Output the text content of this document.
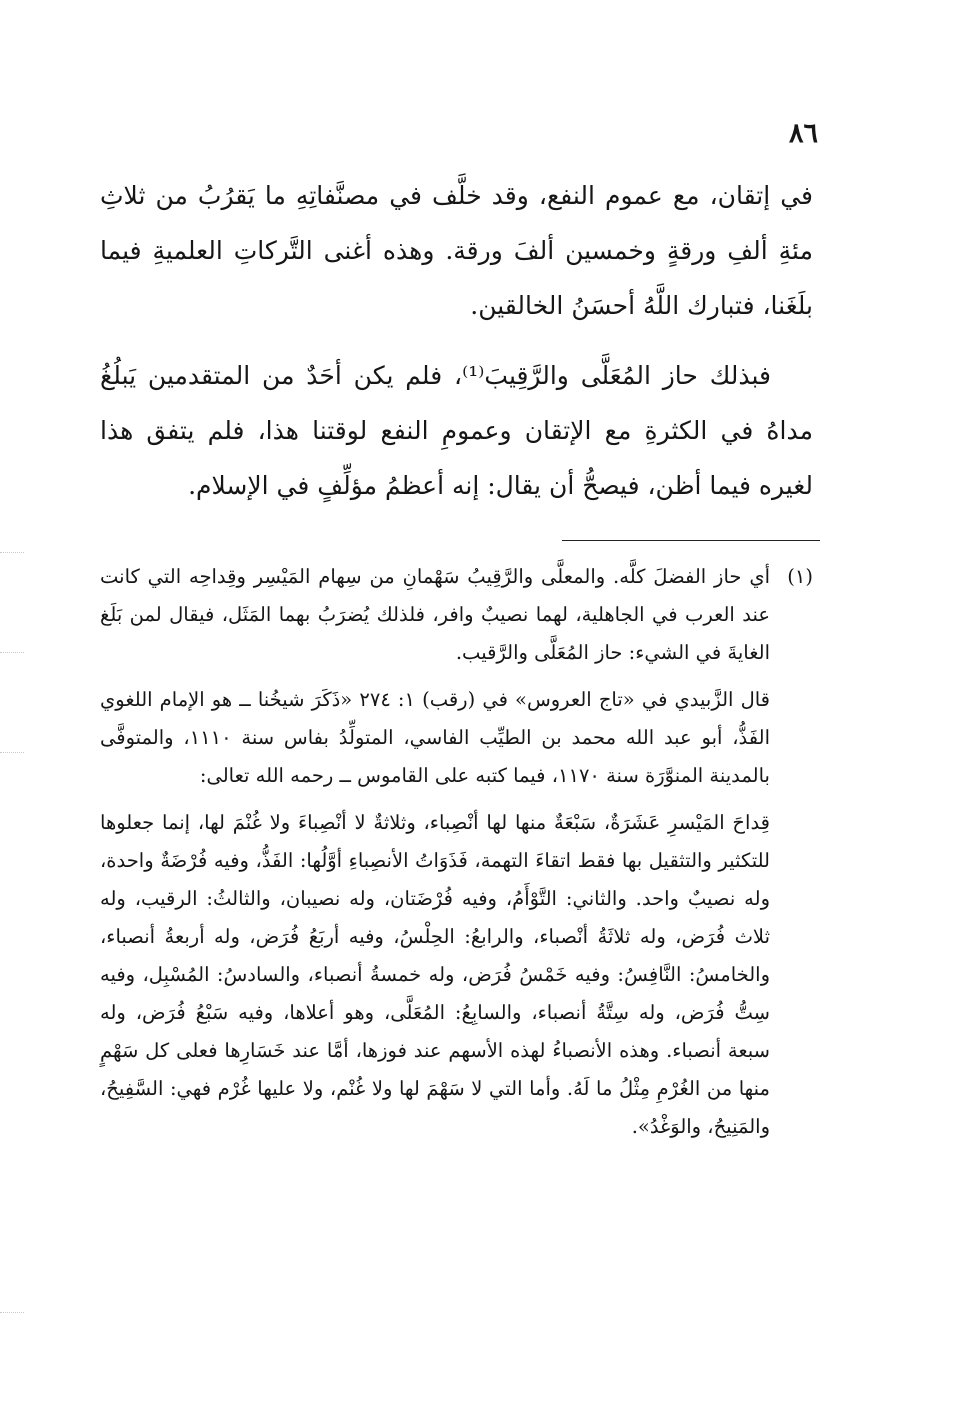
٨٦

في إتقان، مع عموم النفع، وقد خلَّف في مصنَّفاتِهِ ما يَقرُبُ من ثلاثِ مئةِ ألفِ ورقةٍ وخمسين ألفَ ورقة. وهذه أغنى التَّركاتِ العلميةِ فيما بلَغَنا، فتبارك اللَّهُ أحسَنُ الخالقين.

فبذلك حاز المُعَلَّى والرَّقِيبَ⁽¹⁾، فلم يكن أحَدٌ من المتقدمين يَبلُغُ مداهُ في الكثرةِ مع الإتقان وعمومِ النفع لوقتنا هذا، فلم يتفق هذا لغيره فيما أظن، فيصحُّ أن يقال: إنه أعظمُ مؤلِّفٍ في الإسلام.

(١)

أي حاز الفضلَ كلَّه. والمعلَّى والرَّقِيبُ سَهْمانِ من سِهام المَيْسِر وقِداحِه التي كانت عند العرب في الجاهلية، لهما نصيبٌ وافر، فلذلك يُضرَبُ بهما المَثَل، فيقال لمن بَلَغ الغايةَ في الشيء: حاز المُعَلَّى والرَّقيب.

قال الزَّبيدي في «تاج العروس» في (رقب) ١: ٢٧٤ «ذَكَرَ شيخُنا ــ هو الإمام اللغوي الفَذُّ، أبو عبد الله محمد بن الطيِّب الفاسي، المتولِّدُ بفاس سنة ١١١٠، والمتوفَّى بالمدينة المنوَّرَة سنة ١١٧٠، فيما كتبه على القاموس ــ رحمه الله تعالى:

قِداحَ المَيْسرِ عَشَرَةٌ، سَبْعَةٌ منها لها أنْصِباء، وثلاثةٌ لا أنْصِباءَ ولا غُنْمَ لها، إنما جعلوها للتكثير والتثقيل بها فقط اتقاءَ التهمة، فَذَوَاتُ الأنصِباءِ أوَّلُها: الفَذُّ، وفيه فُرْضَةٌ واحدة، وله نصيبٌ واحد. والثاني: التَّوْأَمُ، وفيه فُرْضَتان، وله نصيبان، والثالثُ: الرقيب، وله ثلاث فُرَض، وله ثلاثَةُ أنْصباء، والرابعُ: الحِلْسُ، وفيه أربَعُ فُرَض، وله أربعةُ أنصباء، والخامسُ: النَّافِسُ: وفيه خَمْسُ فُرَض، وله خمسةُ أنصباء، والسادسُ: المُسْبِل، وفيه سِتُّ فُرَض، وله سِتَّةُ أنصباء، والسابِعُ: المُعَلَّى، وهو أعلاها، وفيه سَبْعُ فُرَض، وله سبعة أنصباء. وهذه الأنصباءُ لهذه الأسهم عند فوزها، أمَّا عند خَسَارِها فعلى كل سَهْمٍ منها من الغُرْمِ مِثْلُ ما لَهُ. وأما التي لا سَهْمَ لها ولا غُنْم، ولا عليها غُرْم فهي: السَّفِيحُ، والمَنِيحُ، والوَغْدُ».
